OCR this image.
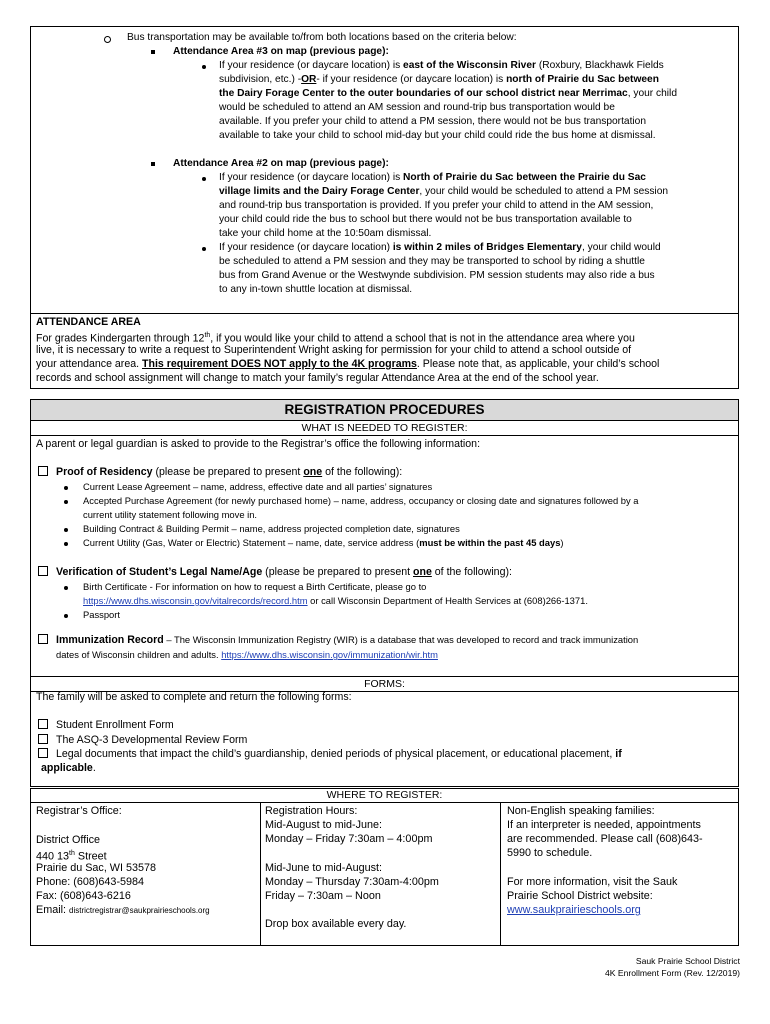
Bus transportation may be available to/from both locations based on the criteria below:
Attendance Area #3 on map (previous page):
If your residence (or daycare location) is east of the Wisconsin River (Roxbury, Blackhawk Fields
subdivision, etc.) -OR- if your residence (or daycare location) is north of Prairie du Sac between
the Dairy Forage Center to the outer boundaries of our school district near Merrimac, your child
would be scheduled to attend an AM session and round-trip bus transportation would be
available. If you prefer your child to attend a PM session, there would not be bus transportation
available to take your child to school mid-day but your child could ride the bus home at dismissal.
Attendance Area #2 on map (previous page):
If your residence (or daycare location) is North of Prairie du Sac between the Prairie du Sac
village limits and the Dairy Forage Center, your child would be scheduled to attend a PM session
and round-trip bus transportation is provided. If you prefer your child to attend in the AM session,
your child could ride the bus to school but there would not be bus transportation available to
take your child home at the 10:50am dismissal.
If your residence (or daycare location) is within 2 miles of Bridges Elementary, your child would
be scheduled to attend a PM session and they may be transported to school by riding a shuttle
bus from Grand Avenue or the Westwynde subdivision. PM session students may also ride a bus
to any in-town shuttle location at dismissal.
ATTENDANCE AREA
For grades Kindergarten through 12th, if you would like your child to attend a school that is not in the attendance area where you
live, it is necessary to write a request to Superintendent Wright asking for permission for your child to attend a school outside of
your attendance area. This requirement DOES NOT apply to the 4K programs. Please note that, as applicable, your child’s school
records and school assignment will change to match your family’s regular Attendance Area at the end of the school year.
REGISTRATION PROCEDURES
WHAT IS NEEDED TO REGISTER:
A parent or legal guardian is asked to provide to the Registrar’s office the following information:
Proof of Residency (please be prepared to present one of the following):
Current Lease Agreement – name, address, effective date and all parties’ signatures
Accepted Purchase Agreement (for newly purchased home) – name, address, occupancy or closing date and signatures followed by a
current utility statement following move in.
Building Contract & Building Permit – name, address projected completion date, signatures
Current Utility (Gas, Water or Electric) Statement – name, date, service address (must be within the past 45 days)
Verification of Student’s Legal Name/Age (please be prepared to present one of the following):
Birth Certificate - For information on how to request a Birth Certificate, please go to
https://www.dhs.wisconsin.gov/vitalrecords/record.htm or call Wisconsin Department of Health Services at (608)266-1371.
Passport
Immunization Record – The Wisconsin Immunization Registry (WIR) is a database that was developed to record and track immunization
dates of Wisconsin children and adults. https://www.dhs.wisconsin.gov/immunization/wir.htm
FORMS:
The family will be asked to complete and return the following forms:
Student Enrollment Form
The ASQ-3 Developmental Review Form
Legal documents that impact the child’s guardianship, denied periods of physical placement, or educational placement, if
applicable.
WHERE TO REGISTER:
Registrar’s Office:
District Office
440 13th Street
Prairie du Sac, WI 53578
Phone: (608)643-5984
Fax: (608)643-6216
Email: districtregistrar@saukprairieschools.org
Registration Hours:
Mid-August to mid-June:
Monday – Friday 7:30am – 4:00pm
Mid-June to mid-August:
Monday – Thursday 7:30am-4:00pm
Friday – 7:30am – Noon
Drop box available every day.
Non-English speaking families:
If an interpreter is needed, appointments
are recommended. Please call (608)643-
5990 to schedule.
For more information, visit the Sauk
Prairie School District website:
www.saukprairieschools.org
Sauk Prairie School District
4K Enrollment Form (Rev. 12/2019)
